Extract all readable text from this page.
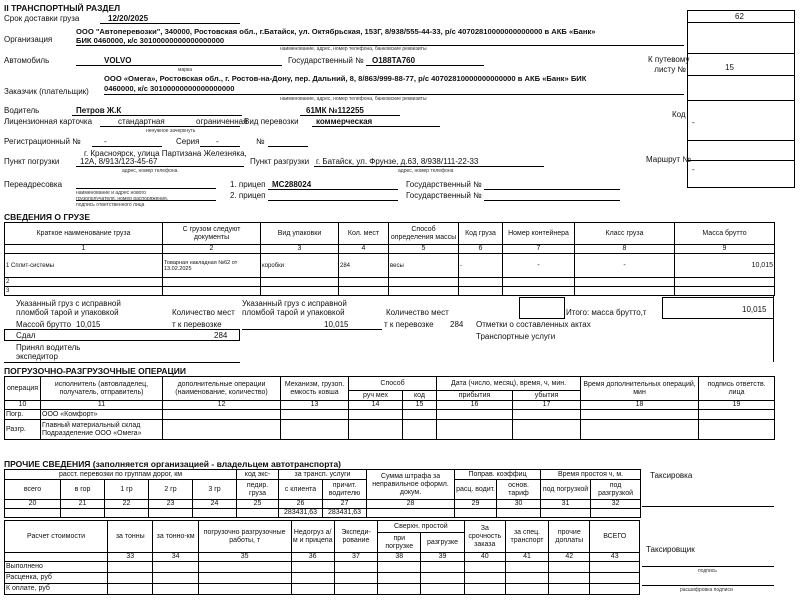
II ТРАНСПОРТНЫЙ РАЗДЕЛ
62
К путевому
листу №	15
Код
-
Маршрут №
-
Срок доставки груза	12/20/2025
Организация
ООО "Автоперевозки", 340000, Ростовская обл., г.Батайск, ул. Октябрьская, 153Г, 8/938/555-44-33, р/с 40702810000000000000 в АКБ «Банк»
БИК 0460000, к/с 30100000000000000000
наименование, адрес, номер телефона, банковские реквизиты
Автомобиль	VOLVO
марка
Государственный № О188ТА760
Заказчик (плательщик)
ООО «Омега», Ростовская обл., г. Ростов-на-Дону, пер. Дальний, 8, 8/863/999-88-77, р/с 40702810000000000000 в АКБ «Банк» БИК
0460000, к/с 30100000000000000000
наименование, адрес, номер телефона, банковские реквизиты
Водитель	Петров Ж.К	61МК №112255
Лицензионная карточка	стандартная	ограниченная
ненужное зачеркнуть
Вид перевозки коммерческая
Регистрационный №	-	Серия -	№
Пункт погрузки
г. Красноярск, улица Партизана Железняка,
12А, 8/913/123-45-67
адрес, номер телефона
Пункт разгрузки г. Батайск, ул. Фрунзе, д.63, 8/938/111-22-33
адрес, номер телефона
Переадресовка
наименование и адрес нового
грузополучателя, номер распоряжения,
подпись ответственного лица
1. прицеп МС288024	Государственный №
2. прицеп	Государственный №
СВЕДЕНИЯ О ГРУЗЕ
Краткое наименование груза	С грузом следуют документы	Вид упаковки	Кол. мест	Способ определения массы	Код груза	Номер контейнера	Класс груза	Масса брутто
1	2	3	4	5	6	7	8	9
1 Сплит-системы	Товарная накладная №62 от 13.02.2025	коробки	284	весы	-	-	-	10,015
2								
3								
Указанный груз с исправной
пломбой тарой и упаковкой	Количество мест
Массой брутто 10,015	т к перевозке
Сдал	284
Принял водитель
экспедитор
Указанный груз с исправной
пломбой тарой и упаковкой	Количество мест
10,015	т к перевозке 284
Итого: масса брутто,т	10,015
Отметки о составленных актах
Транспортные услуги
ПОГРУЗОЧНО-РАЗГРУЗОЧНЫЕ ОПЕРАЦИИ
операция	исполнитель (автовладелец, получатель, отправитель)	дополнительные операции (наименование, количество)	Механизм, грузоп. емкость ковша	Способ		Дата (число, месяц), время, ч, мин.		Время дополнительных операций, мин	подпись ответств. лица
				руч мех	код	прибытия	убытия		
10	11	12	13	14	15	16	17	18	19
Погр.	ООО «Комфорт»								
Разгр.	Главный материальный склад
Подразделение ООО «Омега»								
ПРОЧИЕ СВЕДЕНИЯ (заполняется организацией - владельцем автотранспорта)
расст. перевозки по группам дорог, км					код экс-	за трансп. услуги		Сумма штрафа за неправильное оформл. докум.	Поправ. коэффиц		Время простоя ч, м.	
всего	в гор	1 гр	2 гр	3 гр	педир. груза	с клиента	причит. водителю		расц. водит.	основ. тариф	под погрузкой	под разгрузкой
20	21	22	23	24	25	26	27	28	29	30	31	32
						283431,63	283431,63					
Таксировка
Расчет стоимости	за тонны	за тонно-км	погрузочно разгрузочные работы, т	Недогруз а/м и прицепа	Экспеди-рование	Сверхн. простой		За срочность заказа	за спец. транспорт	прочие доплаты	ВСЕГО
						при погрузке	разгрузке				
	33	34	35	36	37	38	39	40	41	42	43
Выполнено											
Расценка, руб											
К оплате, руб											
Таксировщик
подпись
расшифровка подписи
